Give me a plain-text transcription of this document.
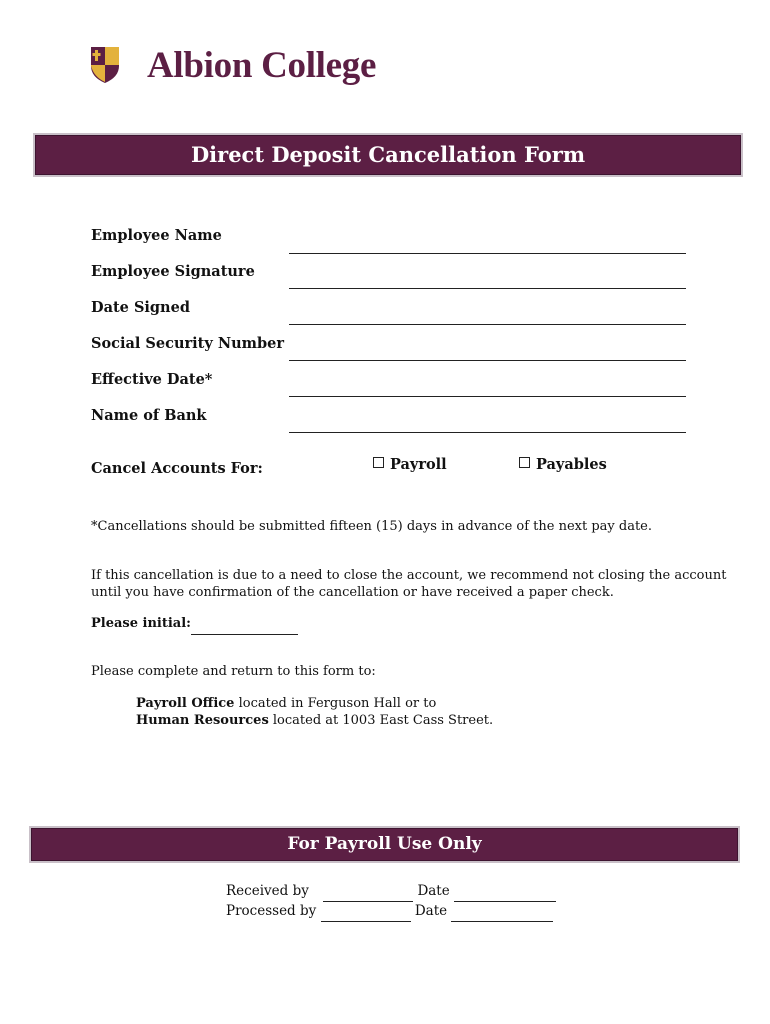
Albion College
Direct Deposit Cancellation Form
Employee Name
Employee Signature
Date Signed
Social Security Number
Effective Date*
Name of Bank
Cancel Accounts For:	Payroll	Payables
*Cancellations should be submitted fifteen (15) days in advance of the next pay date.
If this cancellation is due to a need to close the account, we recommend not closing the account
until you have confirmation of the cancellation or have received a paper check.
Please initial:
Please complete and return to this form to:
Payroll Office located in Ferguson Hall or to
Human Resources located at 1003 East Cass Street.
For Payroll Use Only
Received by	Date
Processed by	Date
